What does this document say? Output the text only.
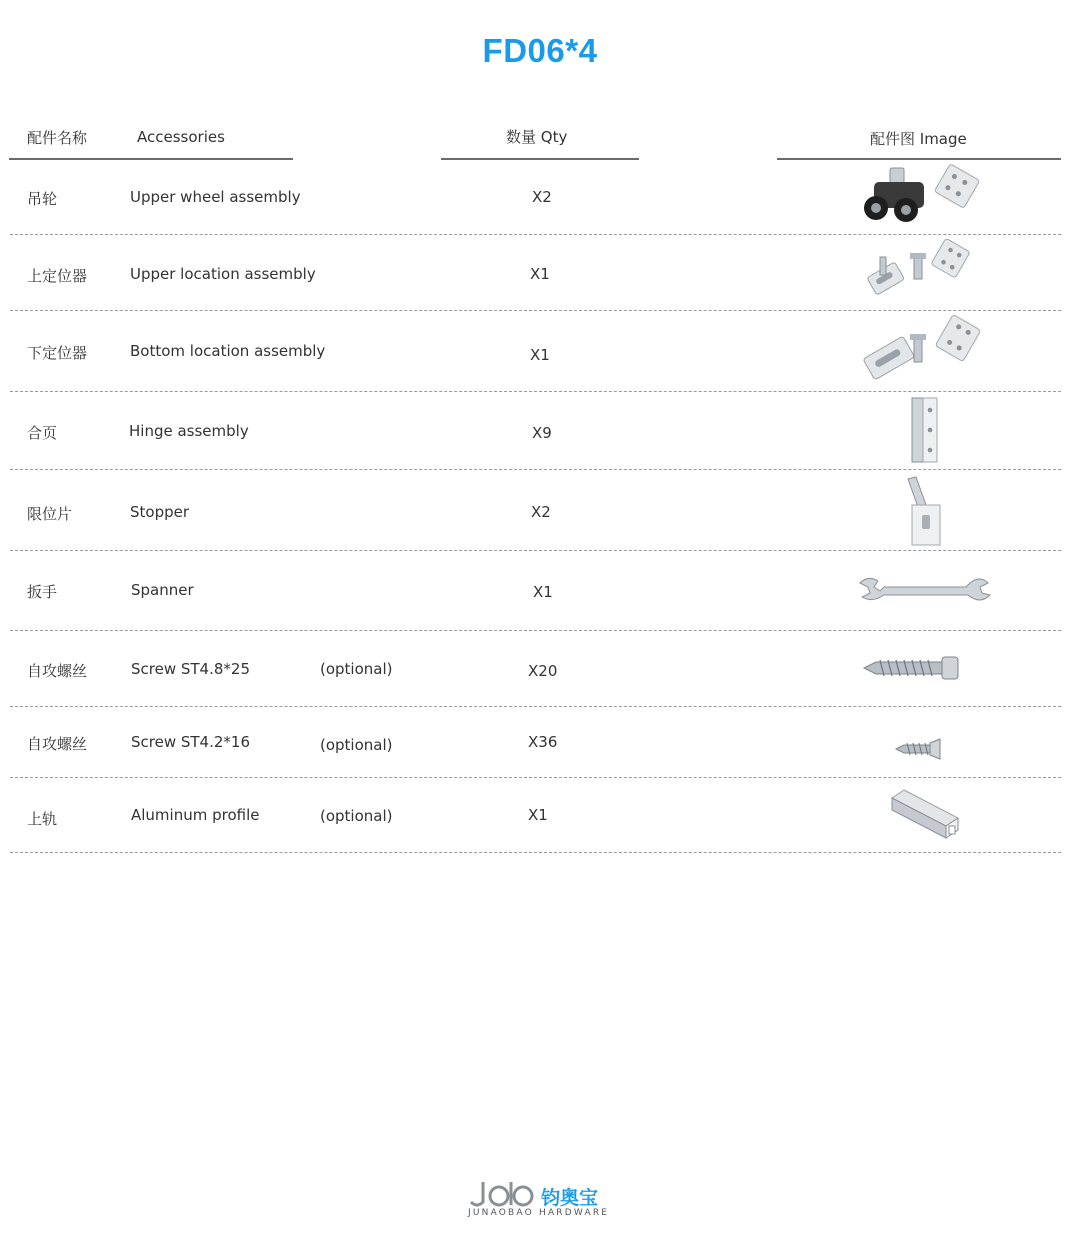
FD06*4
配件名称	Accessories	数量 Qty	配件图 Image
吊轮	Upper wheel assembly	X2
上定位器	Upper location assembly	X1
下定位器	Bottom location assembly	X1
合页	Hinge assembly	X9
限位片	Stopper	X2
扳手	Spanner	X1
自攻螺丝	Screw ST4.8*25	(optional)	X20
自攻螺丝	Screw ST4.2*16	(optional)	X36
上轨	Aluminum profile	(optional)	X1
钧奥宝
JUNAOBAO HARDWARE
